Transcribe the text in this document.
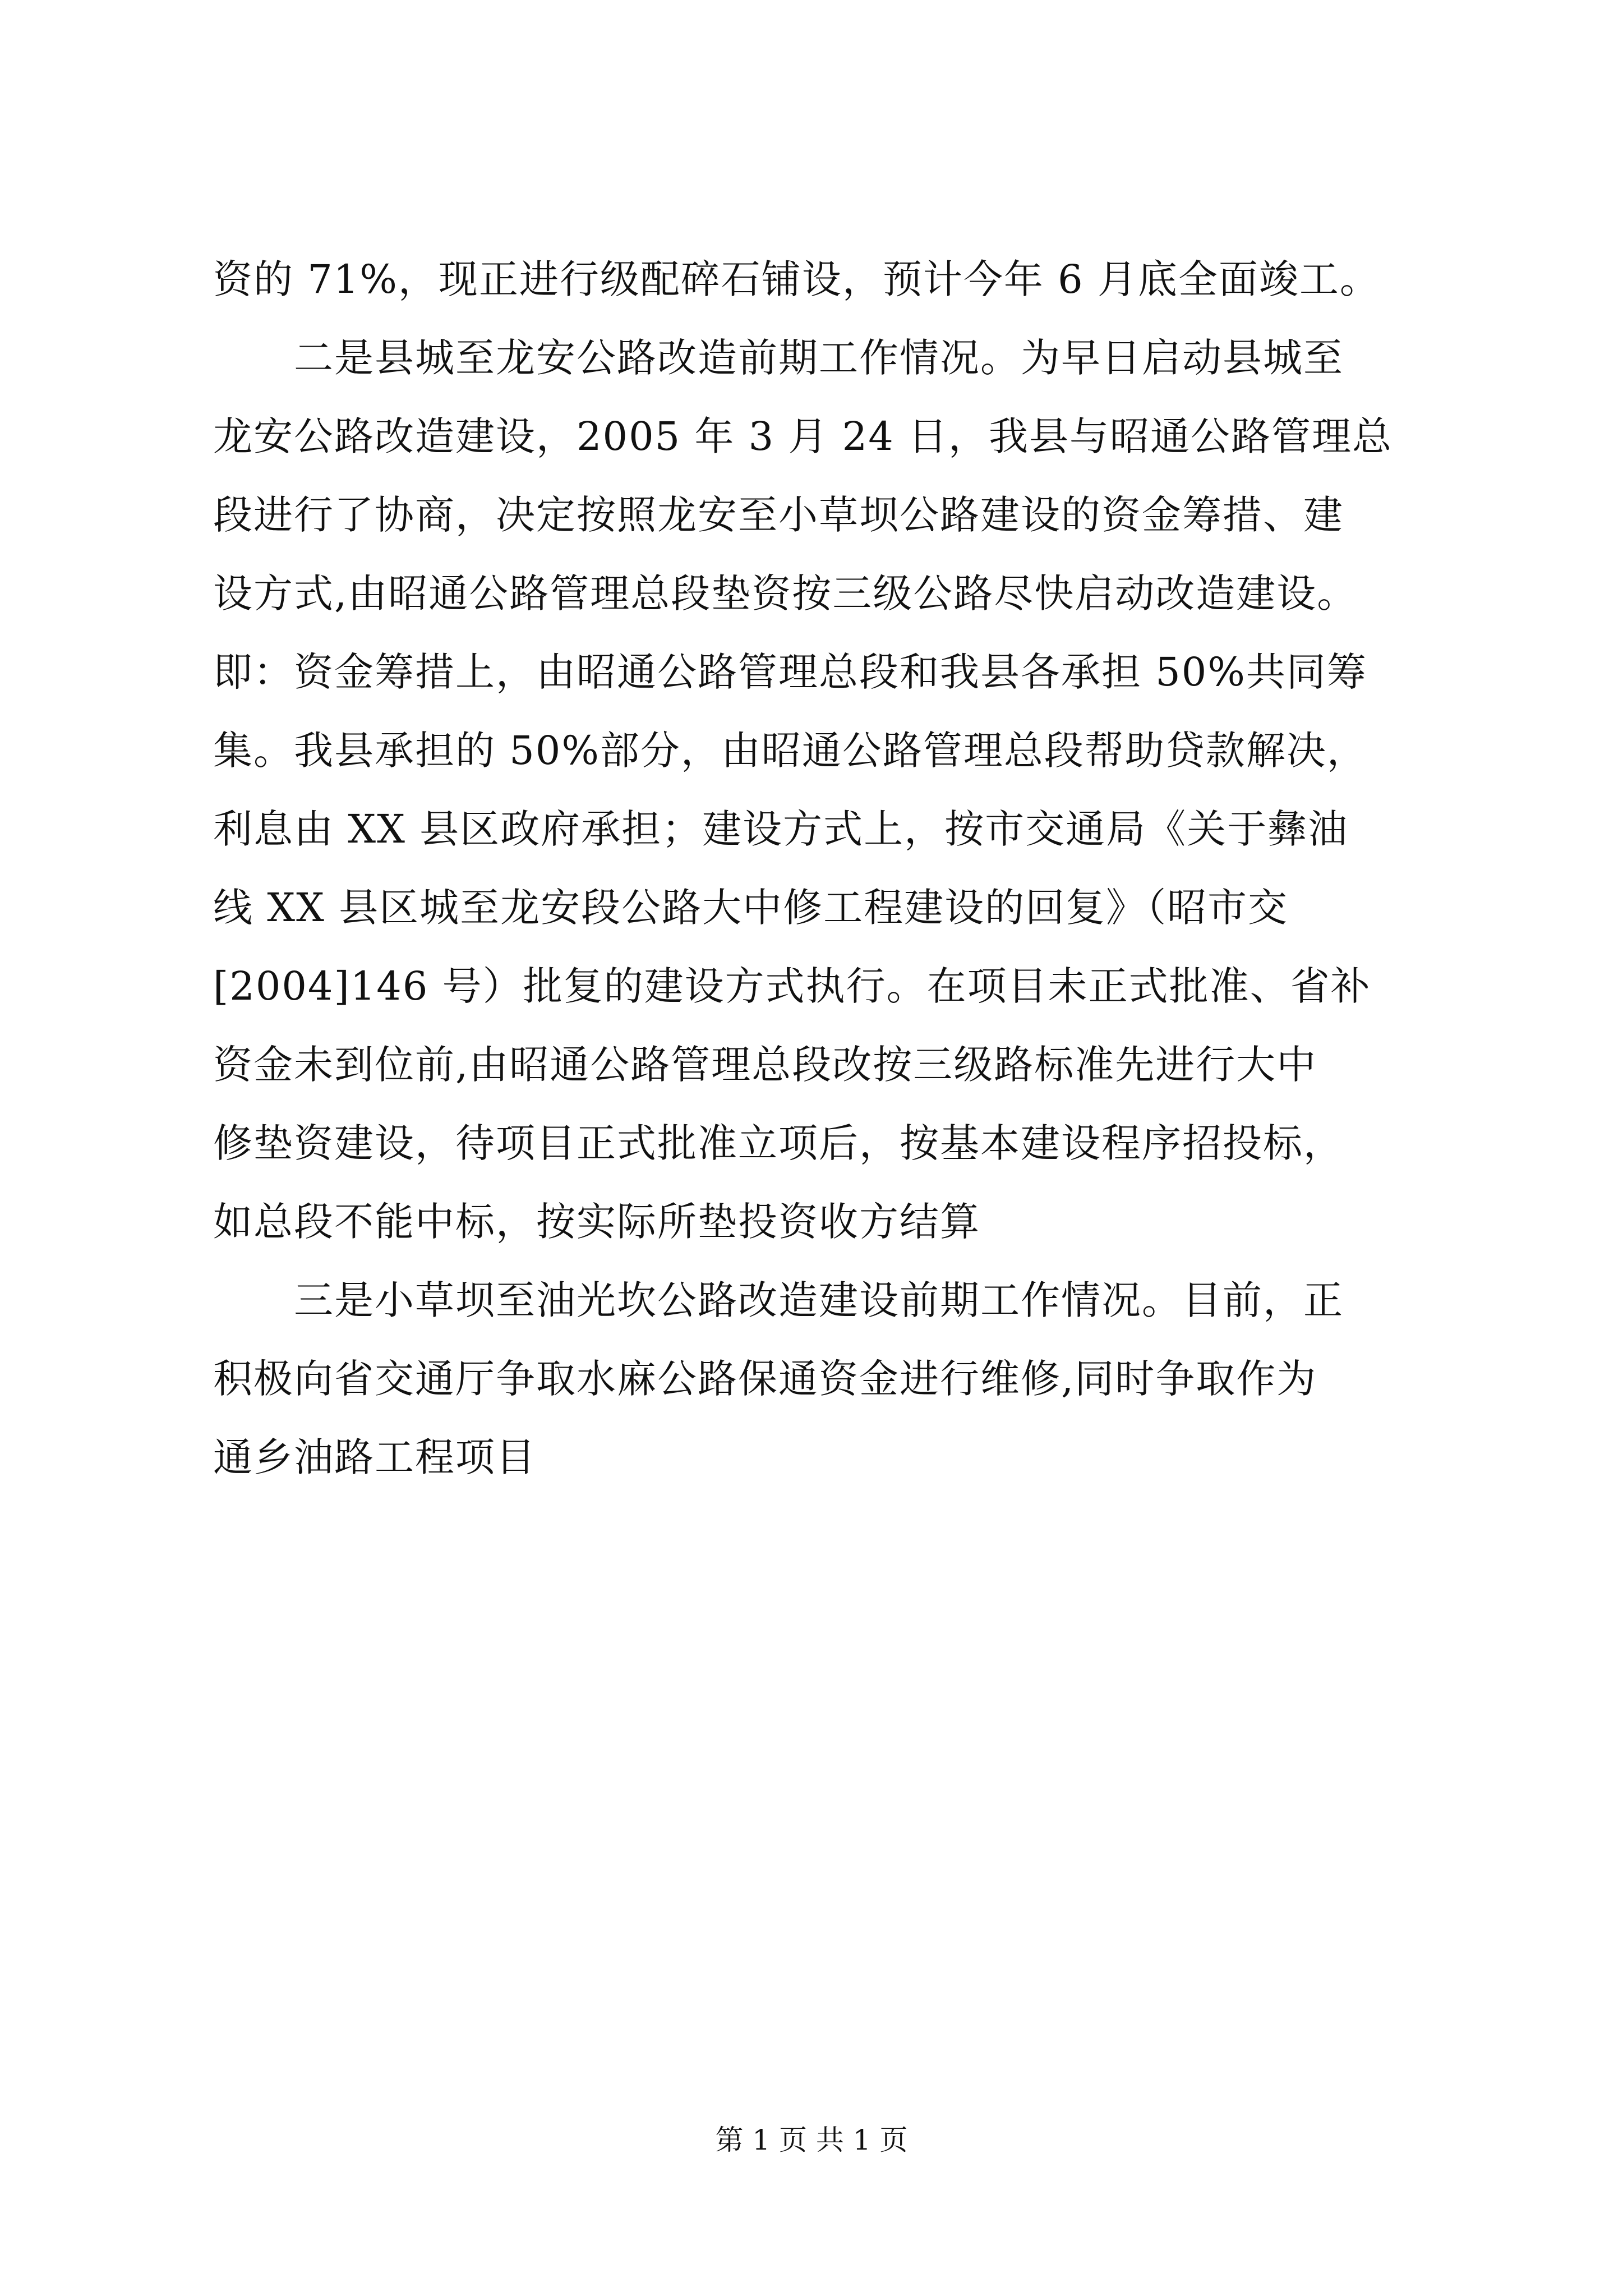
资的 71%，现正进行级配碎石铺设，预计今年 6 月底全面竣工。
　　二是县城至龙安公路改造前期工作情况。为早日启动县城至
龙安公路改造建设，2005 年 3 月 24 日，我县与昭通公路管理总
段进行了协商，决定按照龙安至小草坝公路建设的资金筹措、建
设方式,由昭通公路管理总段垫资按三级公路尽快启动改造建设。
即：资金筹措上，由昭通公路管理总段和我县各承担 50%共同筹
集。我县承担的 50%部分，由昭通公路管理总段帮助贷款解决，
利息由 XX 县区政府承担；建设方式上，按市交通局《关于彝油
线 XX 县区城至龙安段公路大中修工程建设的回复》（昭市交
[2004]146 号）批复的建设方式执行。在项目未正式批准、省补
资金未到位前,由昭通公路管理总段改按三级路标准先进行大中
修垫资建设，待项目正式批准立项后，按基本建设程序招投标，
如总段不能中标，按实际所垫投资收方结算
　　三是小草坝至油光坎公路改造建设前期工作情况。目前，正
积极向省交通厅争取水麻公路保通资金进行维修,同时争取作为
通乡油路工程项目
第 1 页 共 1 页
